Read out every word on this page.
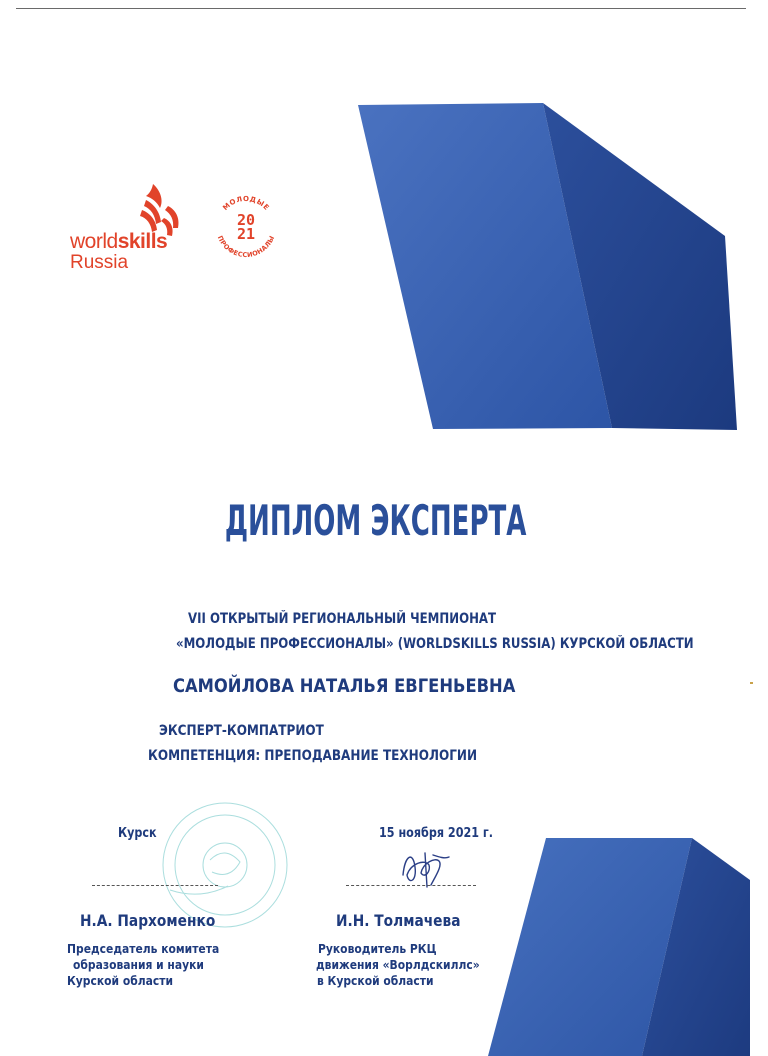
worldskills
Russia
МОЛОДЫЕ
ПРОФЕССИОНАЛЫ
20
21
ДИПЛОМ ЭКСПЕРТА
VII ОТКРЫТЫЙ РЕГИОНАЛЬНЫЙ ЧЕМПИОНАТ
«МОЛОДЫЕ ПРОФЕССИОНАЛЫ» (WORLDSKILLS RUSSIA) КУРСКОЙ ОБЛАСТИ
САМОЙЛОВА НАТАЛЬЯ ЕВГЕНЬЕВНА
ЭКСПЕРТ-КОМПАТРИОТ
КОМПЕТЕНЦИЯ: ПРЕПОДАВАНИЕ ТЕХНОЛОГИИ
Курск	15 ноября 2021 г.
Н.А. Пархоменко	И.Н. Толмачева
Председатель комитета
образования и науки
Курской области
Руководитель РКЦ
движения «Ворлдскиллс»
в Курской области
